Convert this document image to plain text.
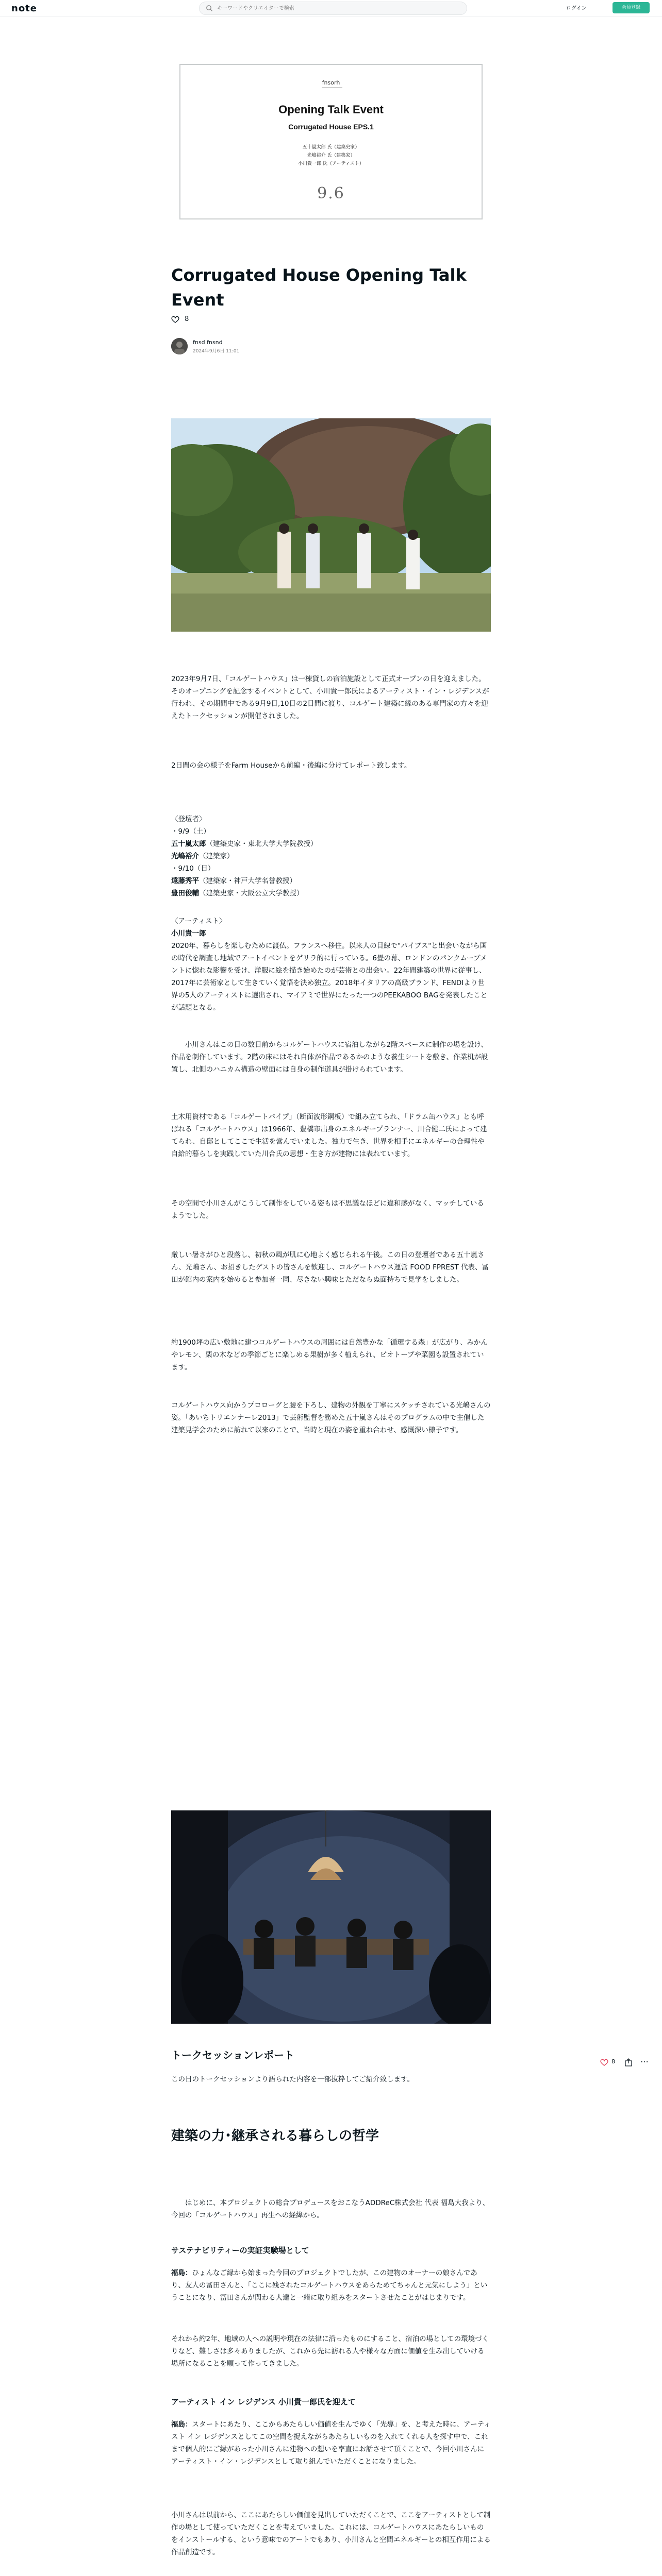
note
キーワードやクリエイターで検索	ログイン	会員登録
fnsorh
Opening Talk Event
Corrugated House EPS.1
五十嵐太郎 氏（建築史家）
光嶋裕介 氏（建築家）
小川貴一郎 氏（アーティスト）
9.6
Corrugated House Opening Talk Event
8
fnsd fnsnd
2024年9月6日 11:01

2023年9月7日、「コルゲートハウス」は一棟貸しの宿泊施設として正式オープンの日を迎えました。そのオープニングを記念するイベントとして、小川貴一郎氏によるアーティスト・イン・レジデンスが行われ、その期間中である9月9日,10日の2日間に渡り、コルゲート建築に縁のある専門家の方々を迎えたトークセッションが開催されました。

2日間の会の様子をFarm Houseから前編・後編に分けてレポート致します。

〈登壇者〉

・9/9（土）

五十嵐太郎（建築史家・東北大学大学院教授）

光嶋裕介（建築家）

・9/10（日）

遠藤秀平（建築家・神戸大学名誉教授）

豊田俊輔（建築史家・大阪公立大学教授）

〈アーティスト〉

小川貴一郎

2020年、暮らしを楽しむために渡仏。フランスへ移住。以来人の目線で"パイプス"と出会いながら国の時代を調査し地域でアートイベントをゲリラ的に行っている。6畳の幕、ロンドンのパンクムーブメントに惚れな影響を受け、洋服に絵を描き始めたのが芸術との出会い。22年間建築の世界に従事し、2017年に芸術家として生きていく覚悟を決め独立。2018年イタリアの高級ブランド、FENDIより世界の5人のアーティストに選出され、マイアミで世界にたった一つのPEEKABOO BAGを発表したことが話題となる。

　　小川さんはこの日の数日前からコルゲートハウスに宿泊しながら2階スペースに制作の場を設け、作品を制作しています。2階の床にはそれ自体が作品であるかのような養生シートを敷き、作業机が設置し、北側のハニカム構造の壁面には自身の制作道具が掛けられています。

土木用資材である「コルゲートパイプ」（断面波形鋼板）で組み立てられ、「ドラム缶ハウス」とも呼ばれる「コルゲートハウス」は1966年、豊橋市出身のエネルギープランナー、川合健二氏によって建てられ、自邸としてここで生活を営んでいました。独力で生き、世界を相手にエネルギーの合理性や自給的暮らしを実践していた川合氏の思想・生き方が建物には表れています。

その空間で小川さんがこうして制作をしている姿もは不思議なほどに違和感がなく、マッチしているようでした。

厳しい暑さがひと段落し、初秋の風が肌に心地よく感じられる午後。この日の登壇者である五十嵐さん、光嶋さん、お招きしたゲストの皆さんを歓迎し、コルゲートハウス運営 FOOD FPREST 代表、冨田が館内の案内を始めると参加者一同、尽きない興味とただならぬ面持ちで見学をしました。

約1900坪の広い敷地に建つコルゲートハウスの周囲には自然豊かな「循環する森」が広がり、みかんやレモン、栗の木などの季節ごとに楽しめる果樹が多く植えられ、ビオトープや菜園も設置されています。

コルゲートハウス向かうプロローグと腰を下ろし、建物の外観を丁寧にスケッチされている光嶋さんの姿。「あいちトリエンナーレ2013」で芸術監督を務めた五十嵐さんはそのプログラムの中で主催した建築見学会のために訪れて以来のことで、当時と現在の姿を重ね合わせ、感慨深い様子です。

8	⋯
トークセッションレポート

この日のトークセッションより語られた内容を一部抜粋してご紹介致します。

建築の力･継承される暮らしの哲学

　　はじめに、本プロジェクトの総合プロデュースをおこなうADDReC株式会社 代表 福島大我より、今回の「コルゲートハウス」再生への経緯から。

サステナビリティーの実証実験場として

福島：ひょんなご縁から始まった今回のプロジェクトでしたが、この建物のオーナーの娘さんであり、友人の冨田さんと、「ここに残されたコルゲートハウスをあらためてちゃんと元気にしよう」ということになり、冨田さんが関わる人達と一緒に取り組みをスタートさせたことがはじまりです。

それから約2年、地域の人への説明や現在の法律に沿ったものにすること、宿泊の場としての環境づくりなど、難しさは多々ありましたが、これから先に訪れる人や様々な方面に価値を生み出していける場所になることを願って作ってきました。

アーティスト イン レジデンス 小川貴一郎氏を迎えて

福島：スタートにあたり、ここからあたらしい価値を生んでゆく「先導」を、と考えた時に、アーティスト イン レジデンスとしてこの空間を捉えながらあたらしいものを入れてくれる人を探す中で、これまで個人的にご縁があった小川さんに建物への想いを率直にお話させて頂くことで、今回小川さんにアーティスト・イン・レジデンスとして取り組んでいただくことになりました。

小川さんは以前から、ここにあたらしい価値を見出していただくことで、ここをアーティストとして制作の場として使っていただくことを考えていました。これには、コルゲートハウスにあたらしいものをインストールする、という意味でのアートでもあり、小川さんと空間エネルギーとの相互作用による作品創造です。
